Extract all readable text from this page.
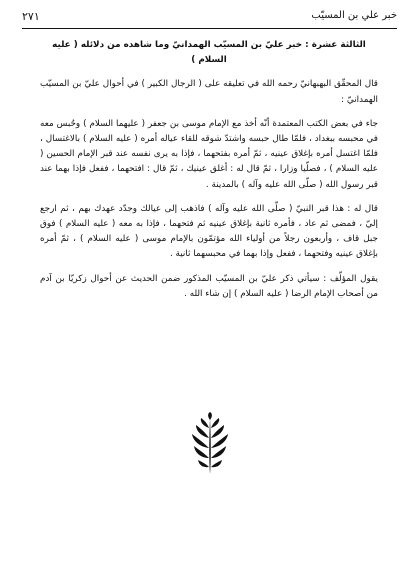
خبر علي بن المسيّب
٢٧١

الثالثة عشرة : خبر عليّ بن المسيّب الهمدانيّ وما شاهده من دلائله ( عليه السلام )

قال المحقّق البهبهانيّ رحمه الله في تعليقه على ( الرجال الكبير ) في أحوال عليّ بن المسيّب الهمدانيّ :

جاء في بعض الكتب المعتمدة أنّه أخذ مع الإمام موسى بن جعفر ( عليهما السلام ) وحُبس معه في محبسه ببغداد ، فلمّا طال حبسه واشتدّ شوقه للقاء عياله أمره ( عليه السلام ) بالاغتسال ، فلمّا اغتسل أمره بإغلاق عينيه ، ثمّ أمره بفتحهما ، فإذا به يرى نفسه عند قبر الإمام الحسين ( عليه السلام ) ، فصلّيا وزارا ، ثمّ قال له : أغلق عينيك ، ثمّ قال : افتحهما ، ففعل فإذا بهما عند قبر رسول الله ( صلّى الله عليه وآله ) بالمدينة .

قال له : هذا قبر النبيّ ( صلّى الله عليه وآله ) فاذهب إلى عيالك وجدّد عهدك بهم ، ثم ارجع إليّ ، فمضى ثم عاد ، فأمره ثانية بإغلاق عينيه ثم فتحهما ، فإذا به معه ( عليه السلام ) فوق جبل قاف ، وأربعون رجلاً من أولياء الله مؤتمّون بالإمام موسى ( عليه السلام ) ، ثمّ أمره بإغلاق عينيه وفتحهما ، ففعل وإذا بهما في محبسهما ثانية .

يقول المؤلّف : سيأتي ذكر عليّ بن المسيّب المذكور ضمن الحديث عن أحوال زكريّا بن آدم من أصحاب الإمام الرضا ( عليه السلام ) إن شاء الله .
